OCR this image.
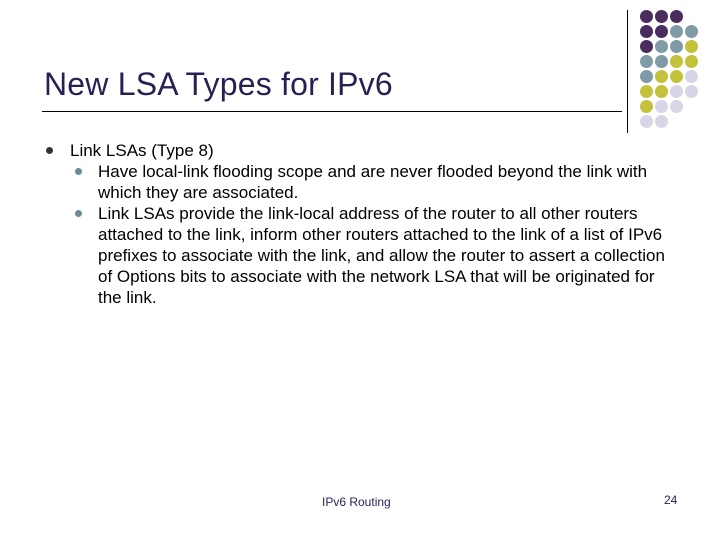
New LSA Types for IPv6
Link LSAs (Type 8)
Have local-link flooding scope and are never flooded beyond the link with which they are associated.
Link LSAs provide the link-local address of the router to all other routers attached to the link, inform other routers attached to the link of a list of IPv6 prefixes to associate with the link, and allow the router to assert a collection of Options bits to associate with the network LSA that will be originated for the link.
IPv6 Routing	24
